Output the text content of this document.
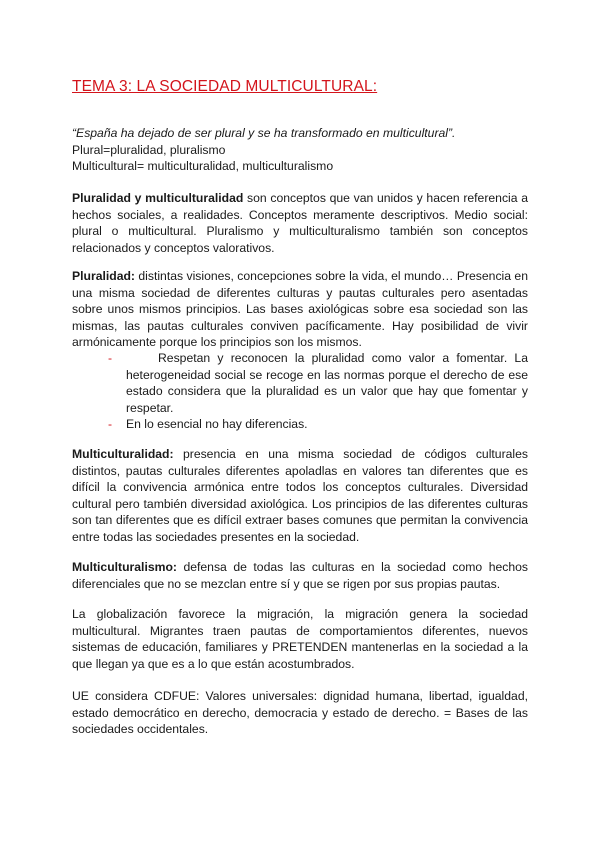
TEMA 3: LA SOCIEDAD MULTICULTURAL:
“España ha dejado de ser plural y se ha transformado en multicultural”.
Plural=pluralidad, pluralismo
Multicultural= multiculturalidad, multiculturalismo

Pluralidad y multiculturalidad son conceptos que van unidos y hacen referencia a hechos sociales, a realidades. Conceptos meramente descriptivos. Medio social: plural o multicultural. Pluralismo y multiculturalismo también son conceptos relacionados y conceptos valorativos.

Pluralidad: distintas visiones, concepciones sobre la vida, el mundo… Presencia en una misma sociedad de diferentes culturas y pautas culturales pero asentadas sobre unos mismos principios. Las bases axiológicas sobre esa sociedad son las mismas, las pautas culturales conviven pacíficamente. Hay posibilidad de vivir armónicamente porque los principios son los mismos.

-	Respetan y reconocen la pluralidad como valor a fomentar. La heterogeneidad social se recoge en las normas porque el derecho de ese estado considera que la pluralidad es un valor que hay que fomentar y respetar.
- En lo esencial no hay diferencias.

Multiculturalidad: presencia en una misma sociedad de códigos culturales distintos, pautas culturales diferentes apoladlas en valores tan diferentes que es difícil la convivencia armónica entre todos los conceptos culturales. Diversidad cultural pero también diversidad axiológica. Los principios de las diferentes culturas son tan diferentes que es difícil extraer bases comunes que permitan la convivencia entre todas las sociedades presentes en la sociedad.

Multiculturalismo: defensa de todas las culturas en la sociedad como hechos diferenciales que no se mezclan entre sí y que se rigen por sus propias pautas.

La globalización favorece la migración, la migración genera la sociedad multicultural. Migrantes traen pautas de comportamientos diferentes, nuevos sistemas de educación, familiares y PRETENDEN mantenerlas en la sociedad a la que llegan ya que es a lo que están acostumbrados.

UE considera CDFUE: Valores universales: dignidad humana, libertad, igualdad, estado democrático en derecho, democracia y estado de derecho. = Bases de las sociedades occidentales.
